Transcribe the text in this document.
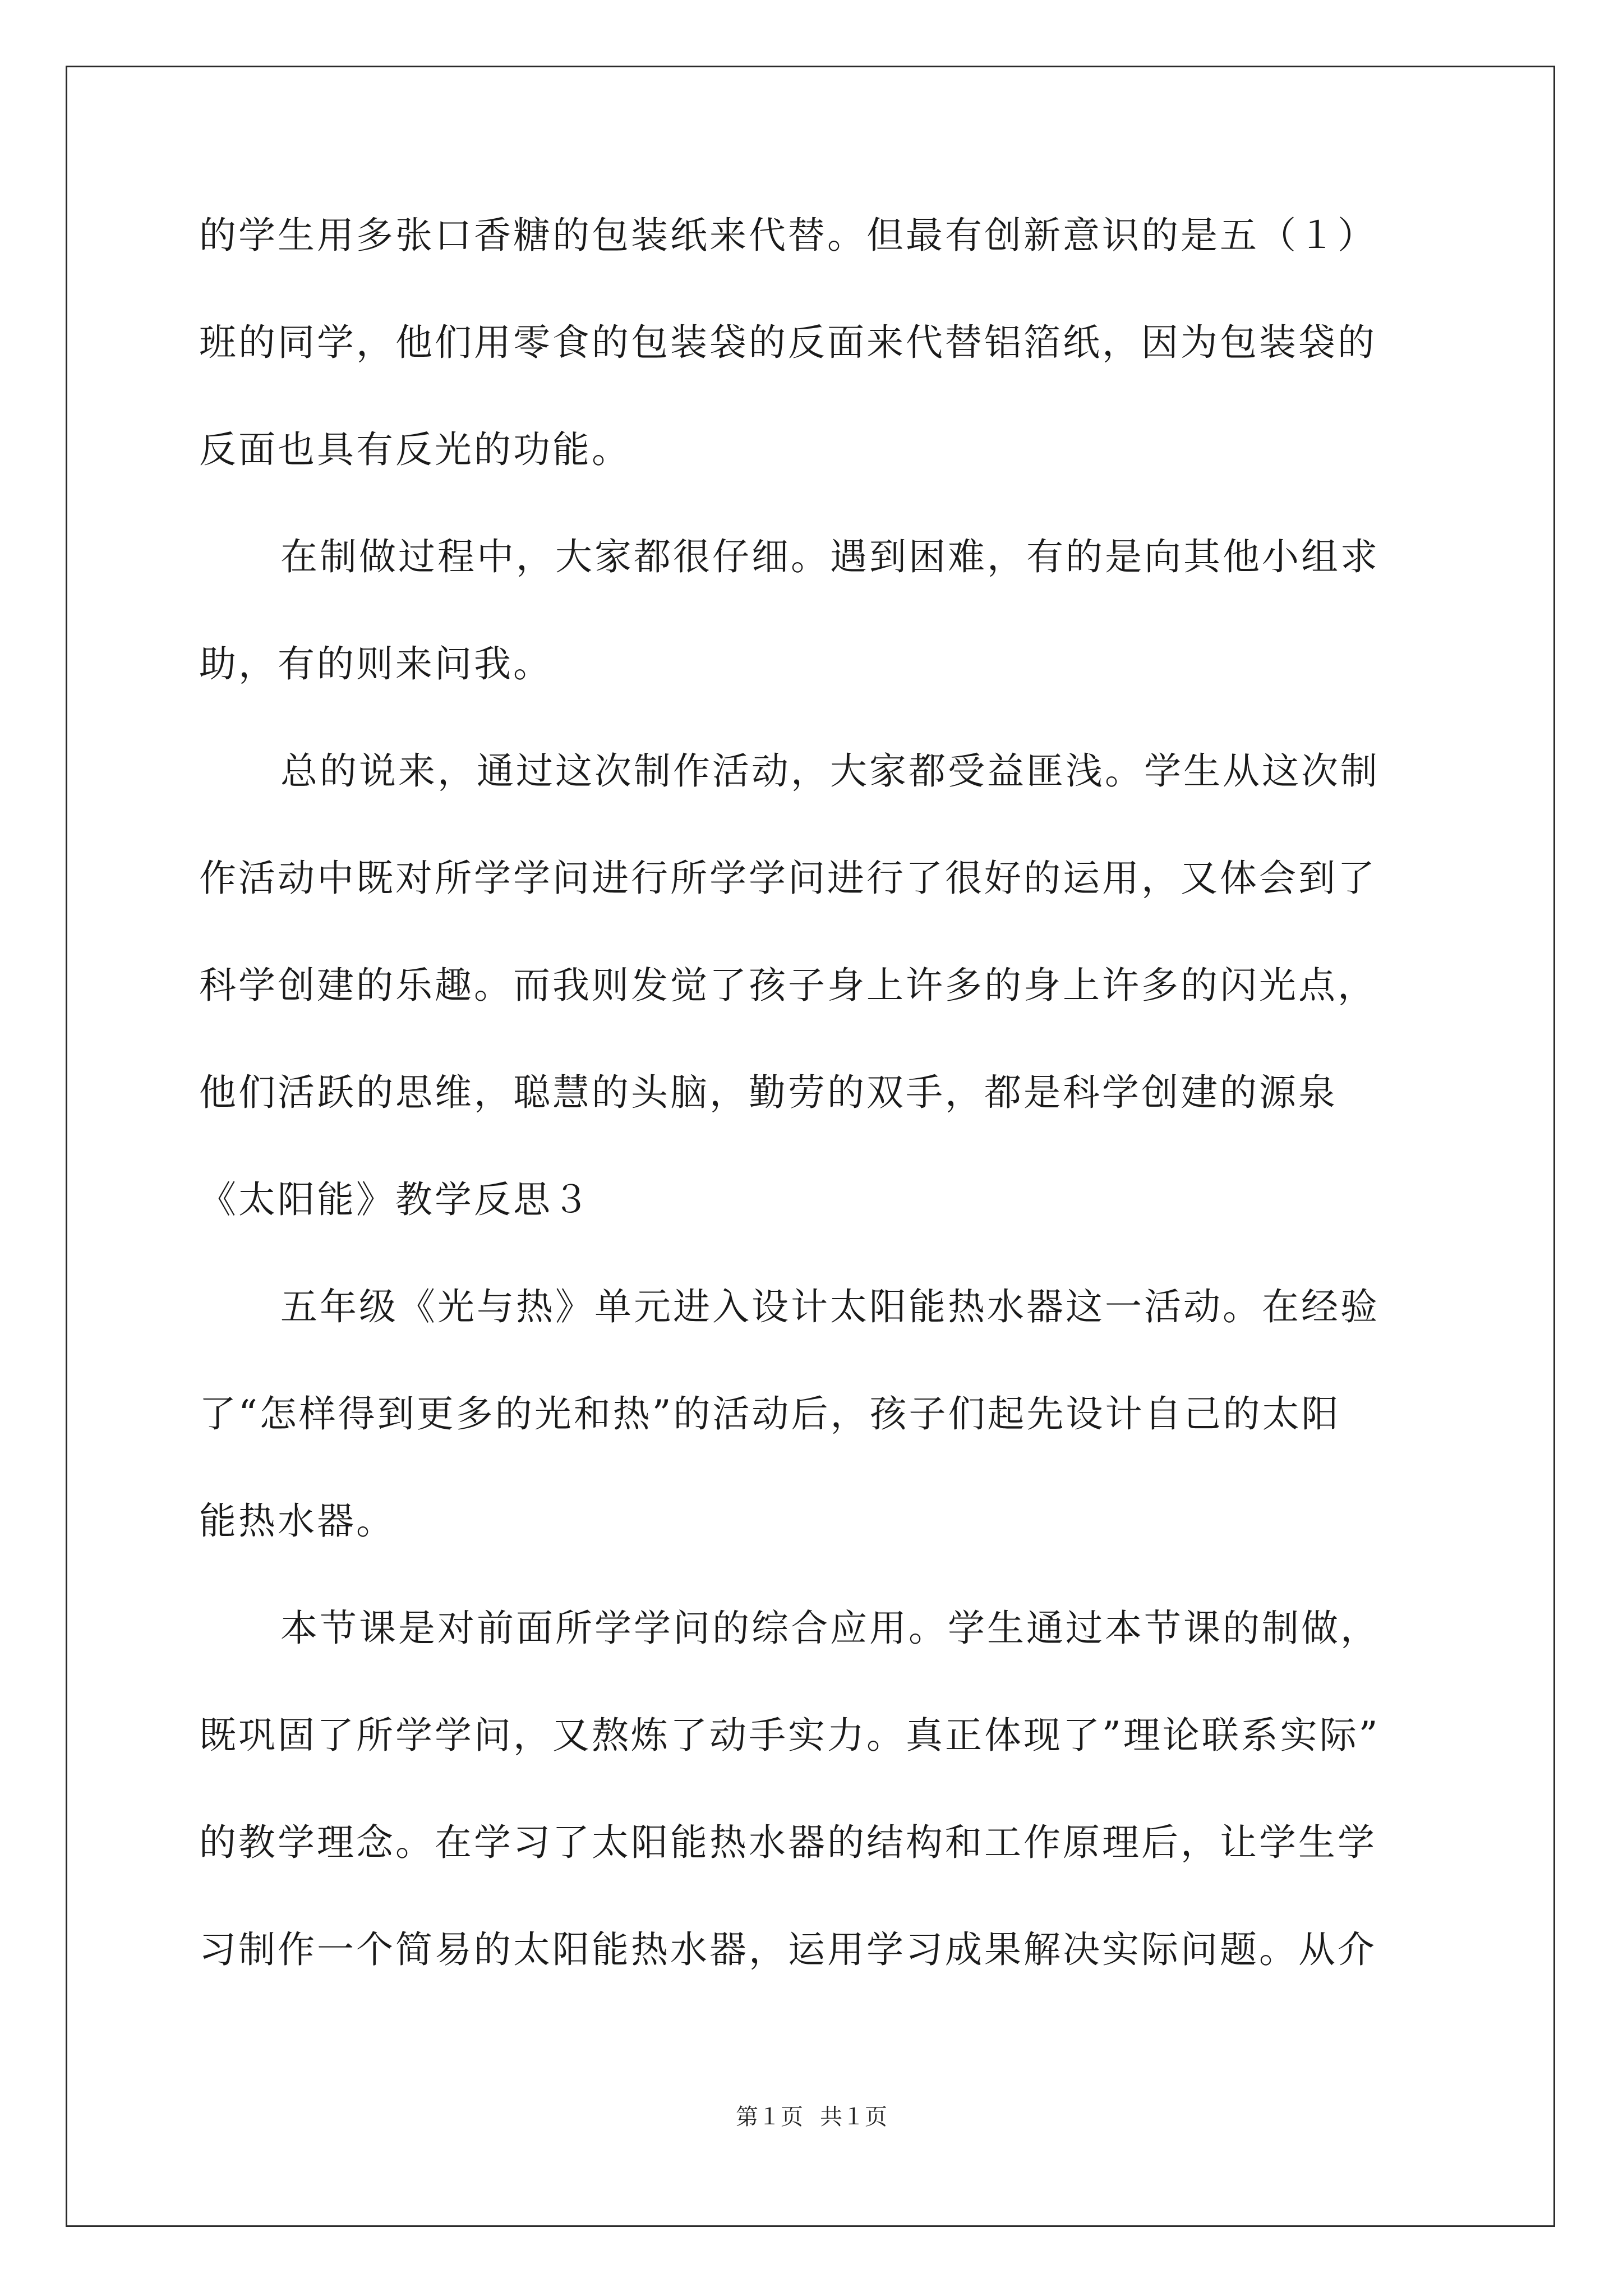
的学生用多张口香糖的包装纸来代替。但最有创新意识的是五（１）
班的同学，他们用零食的包装袋的反面来代替铝箔纸，因为包装袋的
反面也具有反光的功能。
在制做过程中，大家都很仔细。遇到困难，有的是向其他小组求
助，有的则来问我。
总的说来，通过这次制作活动，大家都受益匪浅。学生从这次制
作活动中既对所学学问进行所学学问进行了很好的运用，又体会到了
科学创建的乐趣。而我则发觉了孩子身上许多的身上许多的闪光点，
他们活跃的思维，聪慧的头脑，勤劳的双手，都是科学创建的源泉
《太阳能》教学反思３
五年级《光与热》单元进入设计太阳能热水器这一活动。在经验
了“怎样得到更多的光和热”的活动后，孩子们起先设计自己的太阳
能热水器。
本节课是对前面所学学问的综合应用。学生通过本节课的制做，
既巩固了所学学问，又熬炼了动手实力。真正体现了”理论联系实际”
的教学理念。在学习了太阳能热水器的结构和工作原理后，让学生学
习制作一个简易的太阳能热水器，运用学习成果解决实际问题。从介
第１页 共１页
